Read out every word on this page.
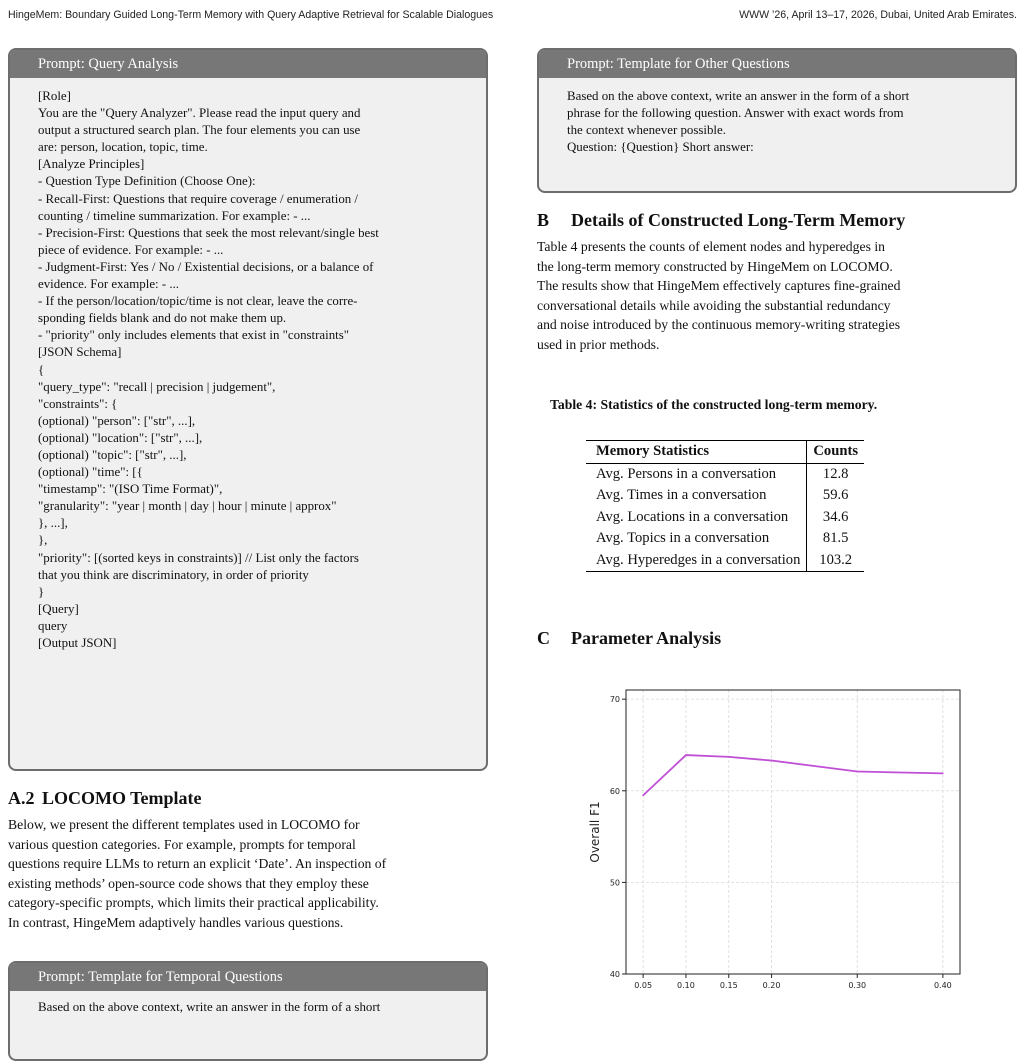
HingeMem: Boundary Guided Long-Term Memory with Query Adaptive Retrieval for Scalable Dialogues	WWW ’26, April 13–17, 2026, Dubai, United Arab Emirates.
Prompt: Query Analysis
[Role]
You are the "Query Analyzer". Please read the input query and
output a structured search plan. The four elements you can use
are: person, location, topic, time.
[Analyze Principles]
- Question Type Definition (Choose One):
- Recall-First: Questions that require coverage / enumeration /
counting / timeline summarization. For example: - ...
- Precision-First: Questions that seek the most relevant/single best
piece of evidence. For example: - ...
- Judgment-First: Yes / No / Existential decisions, or a balance of
evidence. For example: - ...
- If the person/location/topic/time is not clear, leave the corre-
sponding fields blank and do not make them up.
- "priority" only includes elements that exist in "constraints"
[JSON Schema]
{
"query_type": "recall | precision | judgement",
"constraints": {
(optional) "person": ["str", ...],
(optional) "location": ["str", ...],
(optional) "topic": ["str", ...],
(optional) "time": [{
"timestamp": "(ISO Time Format)",
"granularity": "year | month | day | hour | minute | approx"
}, ...],
},
"priority": [(sorted keys in constraints)] // List only the factors
that you think are discriminatory, in order of priority
}
[Query]
query
[Output JSON]
A.2 LOCOMO Template
Below, we present the different templates used in LOCOMO for
various question categories. For example, prompts for temporal
questions require LLMs to return an explicit ‘Date’. An inspection of
existing methods’ open-source code shows that they employ these
category-specific prompts, which limits their practical applicability.
In contrast, HingeMem adaptively handles various questions.
Prompt: Template for Temporal Questions
Based on the above context, write an answer in the form of a short
Prompt: Template for Other Questions
Based on the above context, write an answer in the form of a short
phrase for the following question. Answer with exact words from
the context whenever possible.
Question: {Question} Short answer:
B Details of Constructed Long-Term Memory
Table 4 presents the counts of element nodes and hyperedges in
the long-term memory constructed by HingeMem on LOCOMO.
The results show that HingeMem effectively captures fine-grained
conversational details while avoiding the substantial redundancy
and noise introduced by the continuous memory-writing strategies
used in prior methods.
Table 4: Statistics of the constructed long-term memory.
Memory Statistics	Counts
Avg. Persons in a conversation	12.8
Avg. Times in a conversation	59.6
Avg. Locations in a conversation	34.6
Avg. Topics in a conversation	81.5
Avg. Hyperedges in a conversation	103.2
C Parameter Analysis
40
50
60
70
0.05	0.10	0.15	0.20	0.30	0.40
Overall F1
